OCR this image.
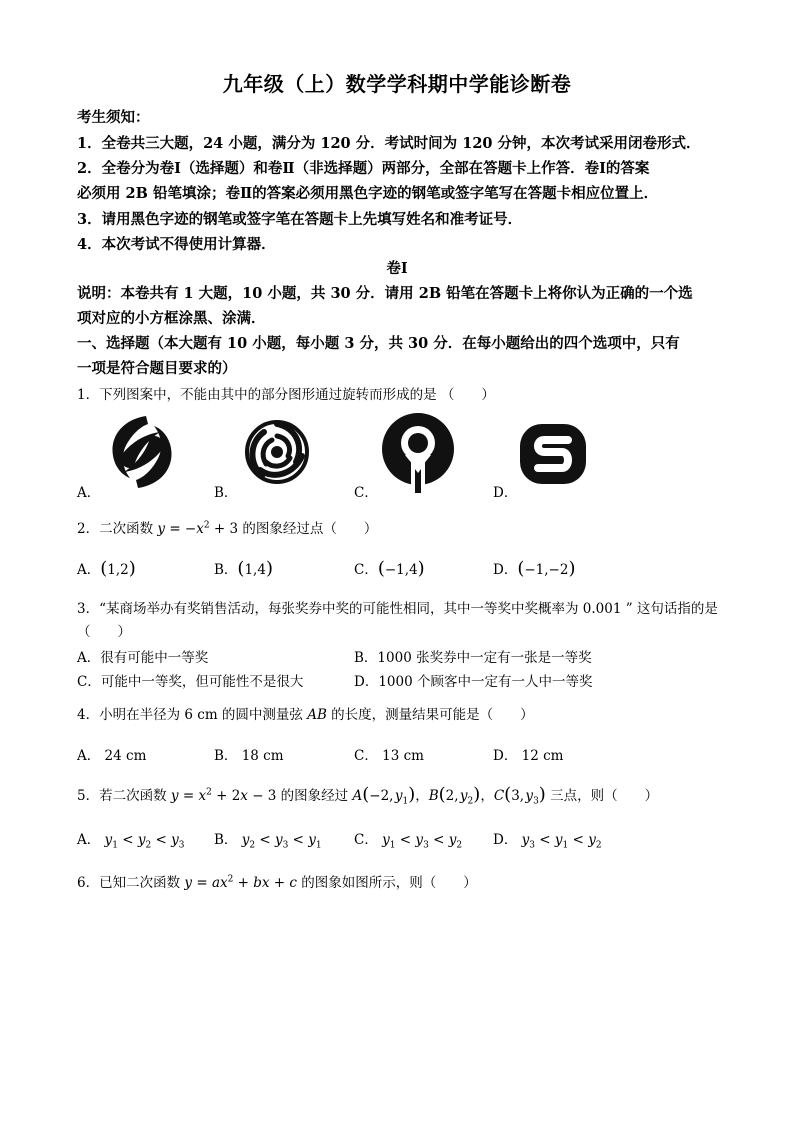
九年级（上）数学学科期中学能诊断卷
考生须知：
1．全卷共三大题，24 小题，满分为 120 分．考试时间为 120 分钟，本次考试采用闭卷形式．
2．全卷分为卷Ⅰ（选择题）和卷Ⅱ（非选择题）两部分，全部在答题卡上作答．卷Ⅰ的答案
必须用 2B 铅笔填涂；卷Ⅱ的答案必须用黑色字迹的钢笔或签字笔写在答题卡相应位置上．
3．请用黑色字迹的钢笔或签字笔在答题卡上先填写姓名和准考证号．
4．本次考试不得使用计算器．
卷Ⅰ
说明：本卷共有 1 大题，10 小题，共 30 分．请用 2B 铅笔在答题卡上将你认为正确的一个选
项对应的小方框涂黑、涂满．
一、选择题（本大题有 10 小题，每小题 3 分，共 30 分．在每小题给出的四个选项中，只有
一项是符合题目要求的）
1．下列图案中，不能由其中的部分图形通过旋转而形成的是 （　　）
A．	B．	C．	D．
2．二次函数 $y = -x^2 + 3$ 的图象经过点（　　）
A．(1,2)	B．(1,4)	C．(−1,4)	D．(−1,−2)
3．“某商场举办有奖销售活动，每张奖券中奖的可能性相同，其中一等奖中奖概率为 0.001 ” 这句话指的是
（　　）
A．很有可能中一等奖	B．1000 张奖券中一定有一张是一等奖
C．可能中一等奖，但可能性不是很大	D．1000 个顾客中一定有一人中一等奖
4．小明在半径为 6 cm 的圆中测量弦 AB 的长度，测量结果可能是（　　）
A． 24 cm	B． 18 cm	C． 13 cm	D． 12 cm
5．若二次函数 $y = x^2 + 2x - 3$ 的图象经过 A(−2, $y_1$)，B(2, $y_2$)，C(3, $y_3$) 三点，则（　　）
A． $y_1 < y_2 < y_3$ B． $y_2 < y_3 < y_1$ C． $y_1 < y_3 < y_2$ D． $y_3 < y_1 < y_2$
6．已知二次函数 $y = ax^2$ + bx + c 的图象如图所示，则（　　）
